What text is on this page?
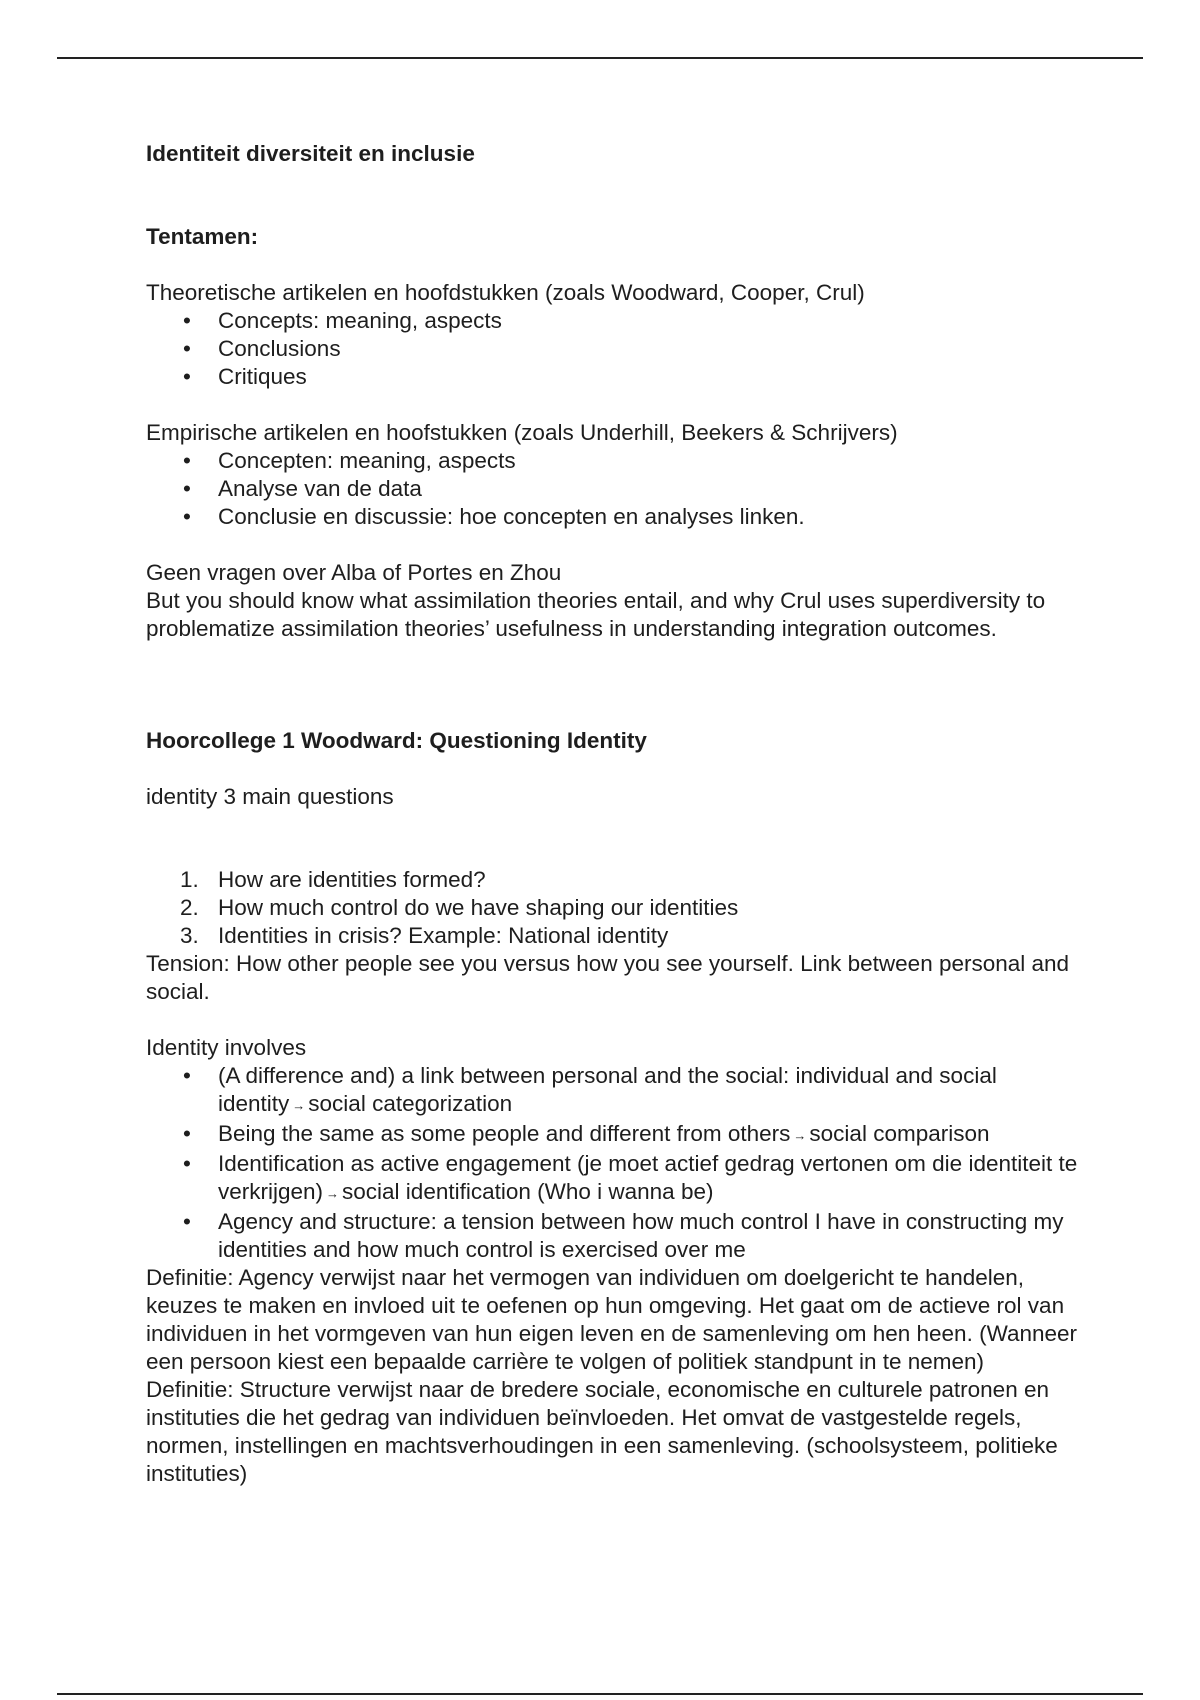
Identiteit diversiteit en inclusie

Tentamen:

Theoretische artikelen en hoofdstukken (zoals Woodward, Cooper, Crul)

• Concepts: meaning, aspects
• Conclusions
• Critiques

Empirische artikelen en hoofstukken (zoals Underhill, Beekers & Schrijvers)

• Concepten: meaning, aspects
• Analyse van de data
• Conclusie en discussie: hoe concepten en analyses linken.

Geen vragen over Alba of Portes en Zhou

But you should know what assimilation theories entail, and why Crul uses superdiversity to problematize assimilation theories’ usefulness in understanding integration outcomes.

Hoorcollege 1 Woodward: Questioning Identity

identity 3 main questions

1. How are identities formed?
2. How much control do we have shaping our identities
3. Identities in crisis? Example: National identity

Tension: How other people see you versus how you see yourself. Link between personal and social.

Identity involves

• (A difference and) a link between personal and the social: individual and social identity → social categorization
• Being the same as some people and different from others → social comparison
• Identification as active engagement (je moet actief gedrag vertonen om die identiteit te verkrijgen) → social identification (Who i wanna be)
• Agency and structure: a tension between how much control I have in constructing my identities and how much control is exercised over me

Definitie: Agency verwijst naar het vermogen van individuen om doelgericht te handelen, keuzes te maken en invloed uit te oefenen op hun omgeving. Het gaat om de actieve rol van individuen in het vormgeven van hun eigen leven en de samenleving om hen heen. (Wanneer een persoon kiest een bepaalde carrière te volgen of politiek standpunt in te nemen)

Definitie: Structure verwijst naar de bredere sociale, economische en culturele patronen en instituties die het gedrag van individuen beïnvloeden. Het omvat de vastgestelde regels, normen, instellingen en machtsverhoudingen in een samenleving. (schoolsysteem, politieke instituties)
